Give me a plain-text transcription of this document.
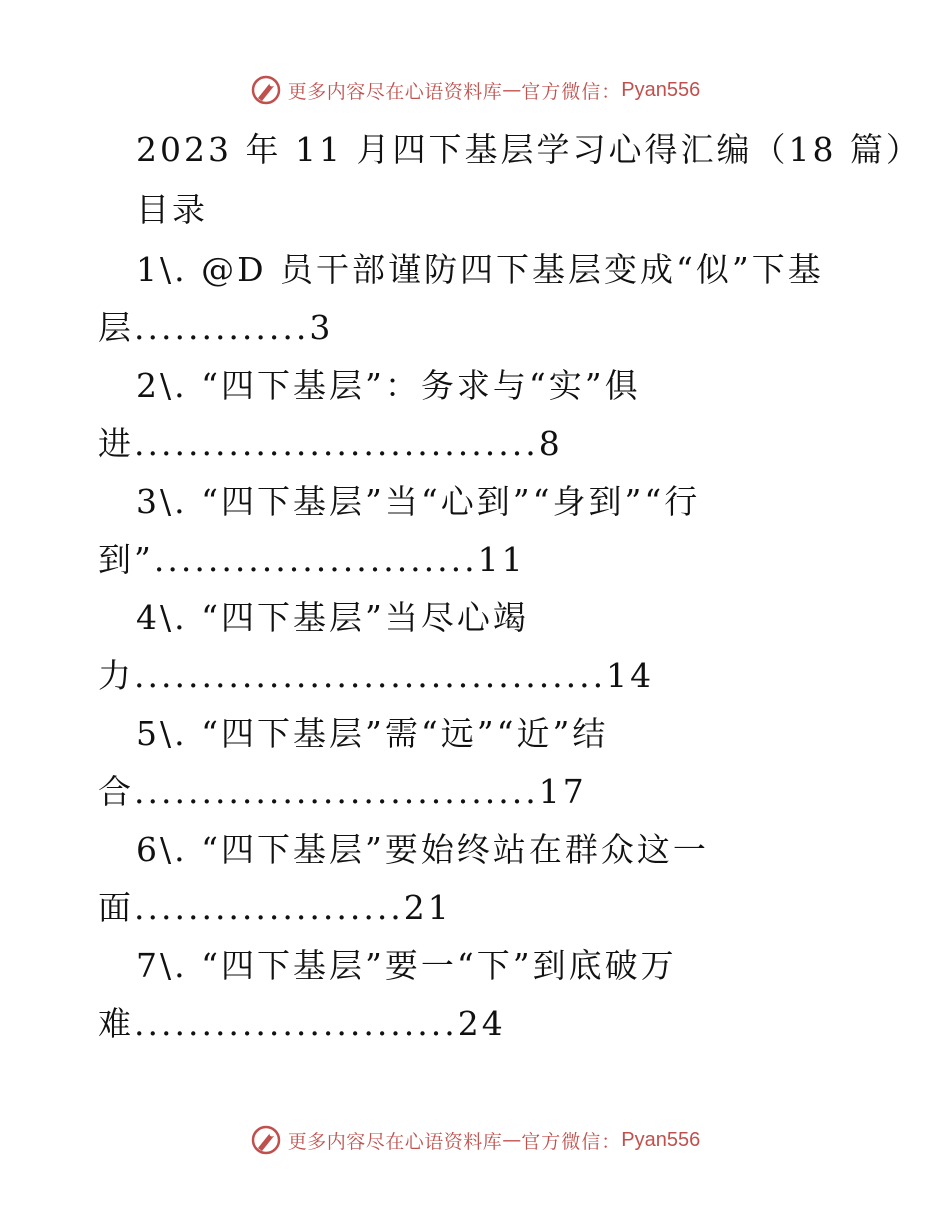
更多内容尽在心语资料库 — 官方微信： Pyan556
2023 年 11 月四下基层学习心得汇编（18 篇）
目录
1\. @D 员干部谨防四下基层变成“似”下基
层.............3
2\. “四下基层”：务求与“实”俱
进..............................8
3\. “四下基层”当“心到”“身到”“行
到”........................11
4\. “四下基层”当尽心竭
力...................................14
5\. “四下基层”需“远”“近”结
合..............................17
6\. “四下基层”要始终站在群众这一
面....................21
7\. “四下基层”要一“下”到底破万
难........................24
更多内容尽在心语资料库 — 官方微信： Pyan556
